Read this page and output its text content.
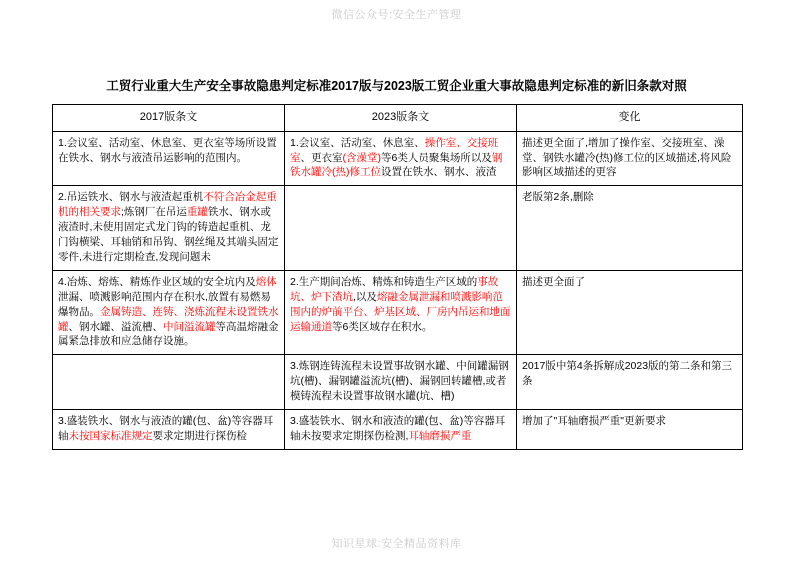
微信公众号:安全生产管理
工贸行业重大生产安全事故隐患判定标准2017版与2023版工贸企业重大事故隐患判定标准的新旧条款对照
2017版条文	2023版条文	变化

1.会议室、活动室、休息室、更衣室等场所设置在铁水、钢水与液渣吊运影响的范围内。	1.会议室、活动室、休息室、操作室、交接班室、更衣室(含澡堂)等6类人员聚集场所以及钢铁水罐冷(热)修工位设置在铁水、钢水、液渣	描述更全面了,增加了操作室、交接班室、澡堂、钢铁水罐冷(热)修工位的区域描述,将风险影响区域描述的更容

2.吊运铁水、钢水与液渣起重机不符合冶金起重机的相关要求;炼钢厂在吊运重罐铁水、钢水或液渣时,未使用固定式龙门钩的铸造起重机、龙门钩横梁、耳轴销和吊钩、钢丝绳及其端头固定零件,未进行定期检查,发现问题未		老版第2条,删除

4.冶炼、熔炼、精炼作业区域的安全坑内及熔体泄漏、喷溅影响范围内存在积水,放置有易燃易爆物品。金属铸造、连铸、浇炼流程未设置铁水罐、钢水罐、溢流槽、中间溢流罐等高温熔融金属紧急排放和应急储存设施。	2.生产期间冶炼、精炼和铸造生产区域的事故坑、炉下渣坑,以及熔融金属泄漏和喷溅影响范围内的炉前平台、炉基区域、厂房内吊运和地面运输通道等6类区域存在积水。	描述更全面了

	3.炼钢连铸流程未设置事故钢水罐、中间罐漏钢坑(槽)、漏钢罐溢流坑(槽)、漏钢回转罐槽,或者模铸流程未设置事故钢水罐(坑、槽)	2017版中第4条拆解成2023版的第二条和第三条

3.盛装铁水、钢水与液渣的罐(包、盆)等容器耳轴未按国家标准规定要求定期进行探伤检	3.盛装铁水、钢水和液渣的罐(包、盆)等容器耳轴未按要求定期探伤检测,耳轴磨损严重	增加了"耳轴磨损严重"更新要求

知识星球:安全精品资料库
